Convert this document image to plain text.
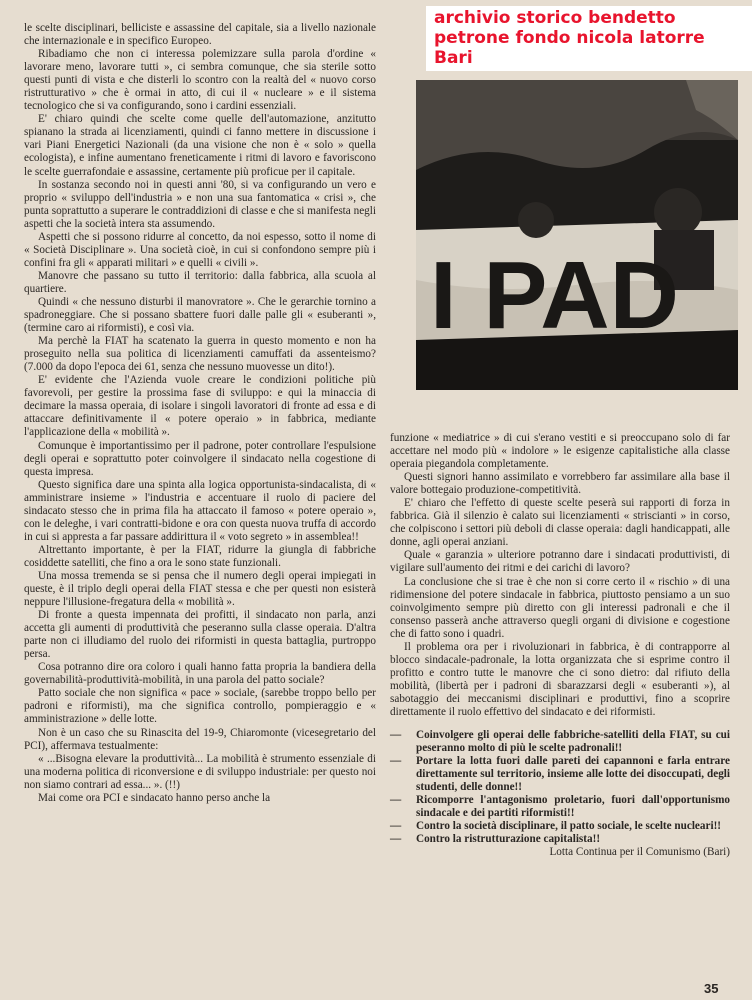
le scelte disciplinari, belliciste e assassine del capitale, sia a livello nazionale che internazionale e in specifico Europeo.

Ribadiamo che non ci interessa polemizzare sulla parola d'ordine « lavorare meno, lavorare tutti », ci sembra comunque, che sia sterile sotto questi punti di vista e che disterli lo scontro con la realtà del « nuovo corso ristrutturativo » che è ormai in atto, di cui il « nucleare » e il sistema tecnologico che si va configurando, sono i cardini essenziali.

E' chiaro quindi che scelte come quelle dell'automazione, anzitutto spianano la strada ai licenziamenti, quindi ci fanno mettere in discussione i vari Piani Energetici Nazionali (da una visione che non è « solo » quella ecologista), e infine aumentano freneticamente i ritmi di lavoro e favoriscono le scelte guerrafondaie e assassine, certamente più proficue per il capitale.

In sostanza secondo noi in questi anni '80, si va configurando un vero e proprio « sviluppo dell'industria » e non una sua fantomatica « crisi », che punta soprattutto a superare le contraddizioni di classe e che si manifesta negli aspetti che la società intera sta assumendo.

Aspetti che si possono ridurre al concetto, da noi espesso, sotto il nome di « Società Disciplinare ». Una società cioè, in cui si confondono sempre più i confini fra gli « apparati militari » e quelli « civili ».

Manovre che passano su tutto il territorio: dalla fabbrica, alla scuola al quartiere.

Quindi « che nessuno disturbi il manovratore ». Che le gerarchie tornino a spadroneggiare. Che si possano sbattere fuori dalle palle gli « esuberanti », (termine caro ai riformisti), e così via.

Ma perchè la FIAT ha scatenato la guerra in questo momento e non ha proseguito nella sua politica di licenziamenti camuffati da assenteismo? (7.000 da dopo l'epoca dei 61, senza che nessuno muovesse un dito!).

E' evidente che l'Azienda vuole creare le condizioni politiche più favorevoli, per gestire la prossima fase di sviluppo: e qui la minaccia di decimare la massa operaia, di isolare i singoli lavoratori di fronte ad essa e di attaccare definitivamente il « potere operaio » in fabbrica, mediante l'applicazione della « mobilità ».

Comunque è importantissimo per il padrone, poter controllare l'espulsione degli operai e soprattutto poter coinvolgere il sindacato nella cogestione di questa impresa.

Questo significa dare una spinta alla logica opportunista-sindacalista, di « amministrare insieme » l'industria e accentuare il ruolo di paciere del sindacato stesso che in prima fila ha attaccato il famoso « potere operaio », con le deleghe, i vari contratti-bidone e ora con questa nuova truffa di accordo in cui si appresta a far passare addirittura il « voto segreto » in assemblea!!

Altrettanto importante, è per la FIAT, ridurre la giungla di fabbriche cosiddette satelliti, che fino a ora le sono state funzionali.

Una mossa tremenda se si pensa che il numero degli operai impiegati in queste, è il triplo degli operai della FIAT stessa e che per questi non esisterà neppure l'illusione-fregatura della « mobilità ».

Di fronte a questa impennata dei profitti, il sindacato non parla, anzi accetta gli aumenti di produttività che peseranno sulla classe operaia. D'altra parte non ci illudiamo del ruolo dei riformisti in questa battaglia, purtroppo persa.

Cosa potranno dire ora coloro i quali hanno fatta propria la bandiera della governabilità-produttività-mobilità, in una parola del patto sociale?

Patto sociale che non significa « pace » sociale, (sarebbe troppo bello per padroni e riformisti), ma che significa controllo, pompieraggio e « amministrazione » delle lotte.

Non è un caso che su Rinascita del 19-9, Chiaromonte (vicesegretario del PCI), affermava testualmente:

« ...Bisogna elevare la produttività... La mobilità è strumento essenziale di una moderna politica di riconversione e di sviluppo industriale: per questo noi non siamo contrari ad essa... ». (!!)

Mai come ora PCI e sindacato hanno perso anche la

I PAD
archivio storico bendetto
petrone fondo nicola latorre
Bari

funzione « mediatrice » di cui s'erano vestiti e si preoccupano solo di far accettare nel modo più « indolore » le esigenze capitalistiche alla classe operaia piegandola completamente.

Questi signori hanno assimilato e vorrebbero far assimilare alla base il valore bottegaio produzione-competitività.

E' chiaro che l'effetto di queste scelte peserà sui rapporti di forza in fabbrica. Già il silenzio è calato sui licenziamenti « striscianti » in corso, che colpiscono i settori più deboli di classe operaia: dagli handicappati, alle donne, agli operai anziani.

Quale « garanzia » ulteriore potranno dare i sindacati produttivisti, di vigilare sull'aumento dei ritmi e dei carichi di lavoro?

La conclusione che si trae è che non si corre certo il « rischio » di una ridimensione del potere sindacale in fabbrica, piuttosto pensiamo a un suo coinvolgimento sempre più diretto con gli interessi padronali e che il consenso passerà anche attraverso quegli organi di divisione e cogestione che di fatto sono i quadri.

Il problema ora per i rivoluzionari in fabbrica, è di contrapporre al blocco sindacale-padronale, la lotta organizzata che si esprime contro il profitto e contro tutte le manovre che ci sono dietro: dal rifiuto della mobilità, (libertà per i padroni di sbarazzarsi degli « esuberanti »), al sabotaggio dei meccanismi disciplinari e produttivi, fino a scoprire direttamente il ruolo effettivo del sindacato e dei riformisti.

— Coinvolgere gli operai delle fabbriche-satelliti della FIAT, su cui peseranno molto di più le scelte padronali!!

— Portare la lotta fuori dalle pareti dei capannoni e farla entrare direttamente sul territorio, insieme alle lotte dei disoccupati, degli studenti, delle donne!!

— Ricomporre l'antagonismo proletario, fuori dall'opportunismo sindacale e dei partiti riformisti!!

— Contro la società disciplinare, il patto sociale, le scelte nucleari!!

— Contro la ristrutturazione capitalista!!

Lotta Continua per il Comunismo (Bari)

35
